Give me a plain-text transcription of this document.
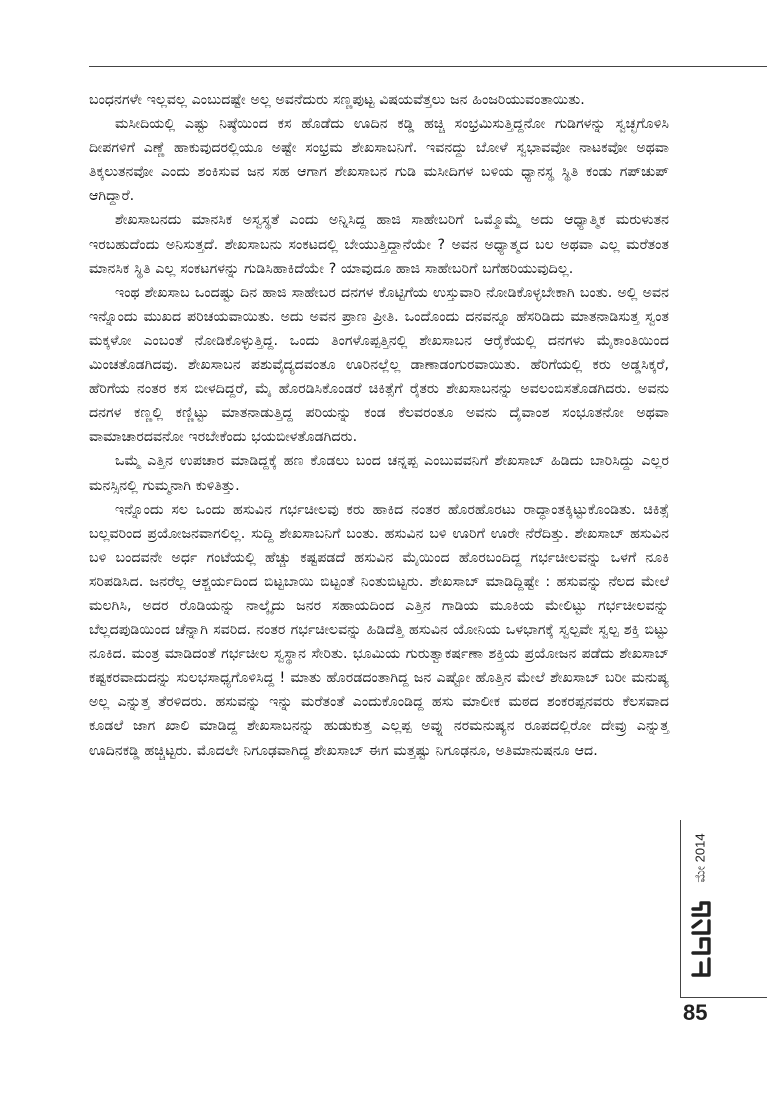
ಬಂಧನಗಳೇ ಇಲ್ಲವಲ್ಲ ಎಂಬುದಷ್ಟೇ ಅಲ್ಲ ಅವನೆದುರು ಸಣ್ಣಪುಟ್ಟ ವಿಷಯವೆತ್ತಲು ಜನ ಹಿಂಜರಿಯುವಂತಾಯಿತು.

ಮಸೀದಿಯಲ್ಲಿ ಎಷ್ಟು ನಿಷ್ಠೆಯಿಂದ ಕಸ ಹೊಡೆದು ಊದಿನ ಕಡ್ಡಿ ಹಚ್ಚಿ ಸಂಭ್ರಮಿಸುತ್ತಿದ್ದನೋ ಗುಡಿಗಳನ್ನು ಸ್ವಚ್ಛಗೊಳಿಸಿ ದೀಪಗಳಿಗೆ ಎಣ್ಣೆ ಹಾಕುವುದರಲ್ಲಿಯೂ ಅಷ್ಟೇ ಸಂಭ್ರಮ ಶೇಖಸಾಬನಿಗೆ. ಇವನದ್ದು ಬೋಳೆ ಸ್ವಭಾವವೋ ನಾಟಕವೋ ಅಥವಾ ತಿಕ್ಕಲುತನವೋ ಎಂದು ಶಂಕಿಸುವ ಜನ ಸಹ ಆಗಾಗ ಶೇಖಸಾಬನ ಗುಡಿ ಮಸೀದಿಗಳ ಬಳಿಯ ಧ್ಯಾನಸ್ಥ ಸ್ಥಿತಿ ಕಂಡು ಗಪ್‌ಚುಪ್ ಆಗಿದ್ದಾರೆ.

ಶೇಖಸಾಬನದು ಮಾನಸಿಕ ಅಸ್ವಸ್ಥತೆ ಎಂದು ಅನ್ನಿಸಿದ್ದ ಹಾಜಿ ಸಾಹೇಬರಿಗೆ ಒಮ್ಮೊಮ್ಮೆ ಅದು ಆಧ್ಯಾತ್ಮಿಕ ಮರುಳುತನ ಇರಬಹುದೆಂದು ಅನಿಸುತ್ತದೆ. ಶೇಖಸಾಬನು ಸಂಕಟದಲ್ಲಿ ಬೇಯುತ್ತಿದ್ದಾನೆಯೇ ? ಅವನ ಅಧ್ಯಾತ್ಮದ ಬಲ ಅಥವಾ ಎಲ್ಲ ಮರೆತಂತ ಮಾನಸಿಕ ಸ್ಥಿತಿ ಎಲ್ಲ ಸಂಕಟಗಳನ್ನು ಗುಡಿಸಿಹಾಕಿದೆಯೇ ? ಯಾವುದೂ ಹಾಜಿ ಸಾಹೇಬರಿಗೆ ಬಗೆಹರಿಯುವುದಿಲ್ಲ.

ಇಂಥ ಶೇಖಸಾಬ ಒಂದಷ್ಟು ದಿನ ಹಾಜಿ ಸಾಹೇಬರ ದನಗಳ ಕೊಟ್ಟಿಗೆಯ ಉಸ್ತುವಾರಿ ನೋಡಿಕೊಳ್ಳಬೇಕಾಗಿ ಬಂತು. ಅಲ್ಲಿ ಅವನ ಇನ್ನೊಂದು ಮುಖದ ಪರಿಚಯವಾಯಿತು. ಅದು ಅವನ ಪ್ರಾಣ ಪ್ರೀತಿ. ಒಂದೊಂದು ದನವನ್ನೂ ಹೆಸರಿಡಿದು ಮಾತನಾಡಿಸುತ್ತ ಸ್ವಂತ ಮಕ್ಕಳೋ ಎಂಬಂತೆ ನೋಡಿಕೊಳ್ಳುತ್ತಿದ್ದ. ಒಂದು ತಿಂಗಳೊಪ್ಪತ್ತಿನಲ್ಲಿ ಶೇಖಸಾಬನ ಆರೈಕೆಯಲ್ಲಿ ದನಗಳು ಮೈಕಾಂತಿಯಿಂದ ಮಿಂಚತೊಡಗಿದವು. ಶೇಖಸಾಬನ ಪಶುವೈದ್ಯದವಂತೂ ಊರಿನಲ್ಲೆಲ್ಲ ಡಾಣಾಡಂಗುರವಾಯಿತು. ಹೆರಿಗೆಯಲ್ಲಿ ಕರು ಅಡ್ಡಸಿಕ್ಕರೆ, ಹೆರಿಗೆಯ ನಂತರ ಕಸ ಬೀಳದಿದ್ದರೆ, ಮೈ ಹೊರಡಿಸಿಕೊಂಡರೆ ಚಿಕಿತ್ಸೆಗೆ ರೈತರು ಶೇಖಸಾಬನನ್ನು ಅವಲಂಬಿಸತೊಡಗಿದರು. ಅವನು ದನಗಳ ಕಣ್ಣಲ್ಲಿ ಕಣ್ಣಿಟ್ಟು ಮಾತನಾಡುತ್ತಿದ್ದ ಪರಿಯನ್ನು ಕಂಡ ಕೆಲವರಂತೂ ಅವನು ದೈವಾಂಶ ಸಂಭೂತನೋ ಅಥವಾ ವಾಮಾಚಾರದವನೋ ಇರಬೇಕೆಂದು ಭಯಬೀಳತೊಡಗಿದರು.

ಒಮ್ಮೆ ಎತ್ತಿನ ಉಪಚಾರ ಮಾಡಿದ್ದಕ್ಕೆ ಹಣ ಕೊಡಲು ಬಂದ ಚನ್ನಪ್ಪ ಎಂಬುವವನಿಗೆ ಶೇಖಸಾಬ್ ಹಿಡಿದು ಬಾರಿಸಿದ್ದು ಎಲ್ಲರ ಮನಸ್ಸಿನಲ್ಲಿ ಗುಮ್ಮನಾಗಿ ಕುಳಿತಿತ್ತು.

ಇನ್ನೊಂದು ಸಲ ಒಂದು ಹಸುವಿನ ಗರ್ಭಚೀಲವು ಕರು ಹಾಕಿದ ನಂತರ ಹೊರಹೊರಟು ರಾದ್ಧಾಂತಕ್ಕಿಟ್ಟುಕೊಂಡಿತು. ಚಿಕಿತ್ಸೆ ಬಲ್ಲವರಿಂದ ಪ್ರಯೋಜನವಾಗಲಿಲ್ಲ. ಸುದ್ದಿ ಶೇಖಸಾಬನಿಗೆ ಬಂತು. ಹಸುವಿನ ಬಳಿ ಊರಿಗೆ ಊರೇ ನೆರೆದಿತ್ತು. ಶೇಖಸಾಬ್ ಹಸುವಿನ ಬಳಿ ಬಂದವನೇ ಅರ್ಧ ಗಂಟೆಯಲ್ಲಿ ಹೆಚ್ಚು ಕಷ್ಟಪಡದೆ ಹಸುವಿನ ಮೈಯಿಂದ ಹೊರಬಂದಿದ್ದ ಗರ್ಭಚೀಲವನ್ನು ಒಳಗೆ ನೂಕಿ ಸರಿಪಡಿಸಿದ. ಜನರೆಲ್ಲ ಆಶ್ಚರ್ಯದಿಂದ ಬಿಟ್ಟಬಾಯಿ ಬಿಟ್ಟಂತೆ ನಿಂತುಬಿಟ್ಟರು. ಶೇಖಸಾಬ್ ಮಾಡಿದ್ದಿಷ್ಟೇ : ಹಸುವನ್ನು ನೆಲದ ಮೇಲೆ ಮಲಗಿಸಿ, ಅದರ ರೊಡಿಯನ್ನು ನಾಲ್ಕೈದು ಜನರ ಸಹಾಯದಿಂದ ಎತ್ತಿನ ಗಾಡಿಯ ಮೂಕಿಯ ಮೇಲಿಟ್ಟು ಗರ್ಭಚೀಲವನ್ನು ಬೆಲ್ಲದಪುಡಿಯಿಂದ ಚೆನ್ನಾಗಿ ಸವರಿದ. ನಂತರ ಗರ್ಭಚೀಲವನ್ನು ಹಿಡಿದೆತ್ತಿ ಹಸುವಿನ ಯೋನಿಯ ಒಳಭಾಗಕ್ಕೆ ಸ್ವಲ್ಪವೇ ಸ್ವಲ್ಪ ಶಕ್ತಿ ಬಿಟ್ಟು ನೂಕಿದ. ಮಂತ್ರ ಮಾಡಿದಂತೆ ಗರ್ಭಚೀಲ ಸ್ವಸ್ಥಾನ ಸೇರಿತು. ಭೂಮಿಯ ಗುರುತ್ವಾಕರ್ಷಣಾ ಶಕ್ತಿಯ ಪ್ರಯೋಜನ ಪಡೆದು ಶೇಖಸಾಬ್ ಕಷ್ಟಕರವಾದುದನ್ನು ಸುಲಭಸಾಧ್ಯಗೊಳಿಸಿದ್ದ ! ಮಾತು ಹೊರಡದಂತಾಗಿದ್ದ ಜನ ಎಷ್ಟೋ ಹೊತ್ತಿನ ಮೇಲೆ ಶೇಖಸಾಬ್ ಬರೀ ಮನುಷ್ಯ ಅಲ್ಲ ಎನ್ನುತ್ತ ತೆರಳಿದರು. ಹಸುವನ್ನು ಇನ್ನು ಮರೆತಂತೆ ಎಂದುಕೊಂಡಿದ್ದ ಹಸು ಮಾಲೀಕ ಮಠದ ಶಂಕರಪ್ಪನವರು ಕೆಲಸವಾದ ಕೂಡಲೆ ಜಾಗ ಖಾಲಿ ಮಾಡಿದ್ದ ಶೇಖಸಾಬನನ್ನು ಹುಡುಕುತ್ತ ಎಲ್ಲಪ್ಪ ಅವ್ನು ನರಮನುಷ್ಯನ ರೂಪದಲ್ಲಿರೋ ದೇವ್ರು ಎನ್ನುತ್ತ ಊದಿನಕಡ್ಡಿ ಹಚ್ಚಿಟ್ಟರು. ಮೊದಲೇ ನಿಗೂಢವಾಗಿದ್ದ ಶೇಖಸಾಬ್ ಈಗ ಮತ್ತಷ್ಟು ನಿಗೂಢನೂ, ಅತಿಮಾನುಷನೂ ಆದ.

ಮೇ 2014
85
